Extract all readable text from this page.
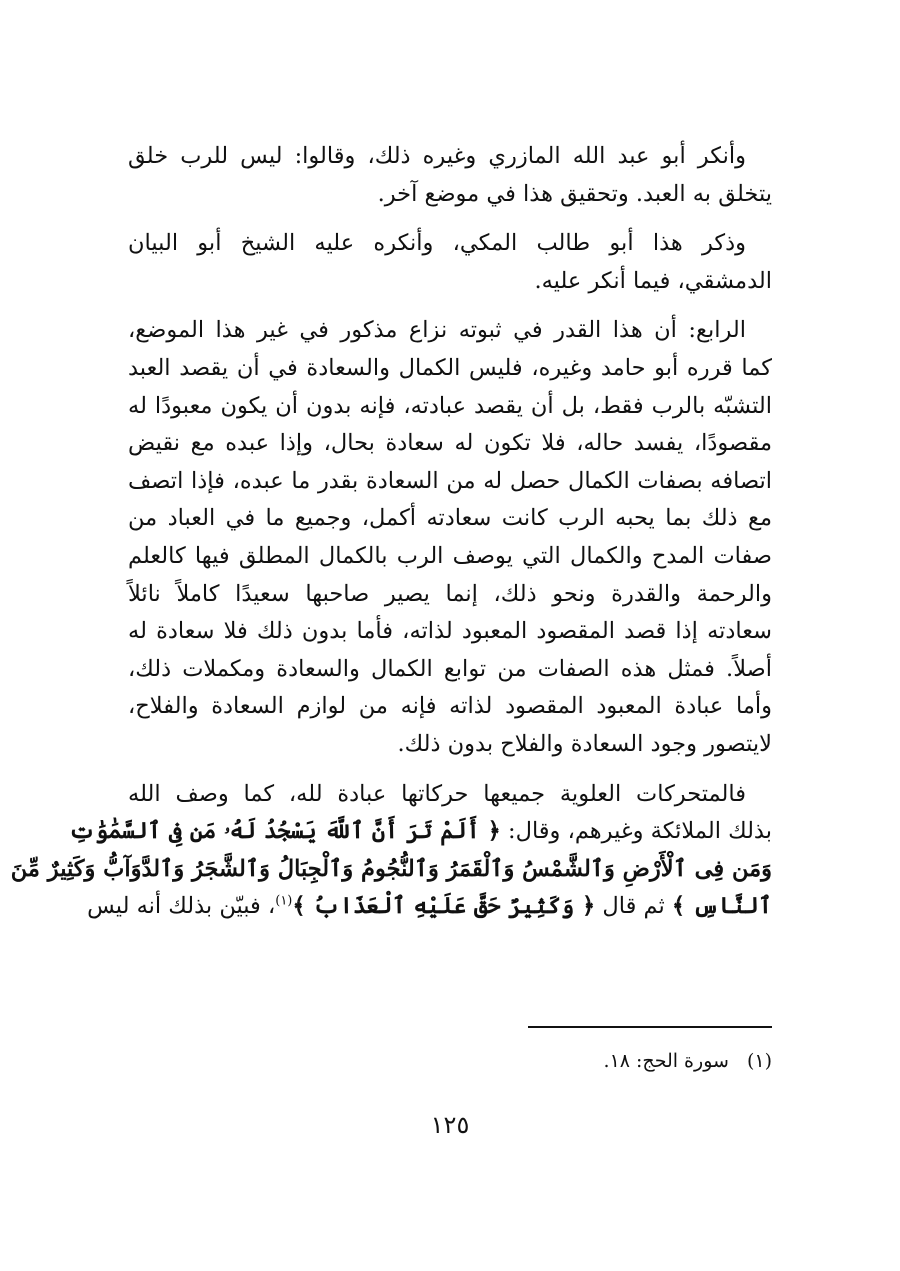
وأنكر أبو عبد الله المازري وغيره ذلك، وقالوا: ليس للرب خلق
يتخلق به العبد. وتحقيق هذا في موضع آخر.
وذكر هذا أبو طالب المكي، وأنكره عليه الشيخ أبو البيان
الدمشقي، فيما أنكر عليه.
الرابع: أن هذا القدر في ثبوته نزاع مذكور في غير هذا الموضع،
كما قرره أبو حامد وغيره، فليس الكمال والسعادة في أن يقصد العبد
التشبّه بالرب فقط، بل أن يقصد عبادته، فإنه بدون أن يكون معبودًا له
مقصودًا، يفسد حاله، فلا تكون له سعادة بحال، وإذا عبده مع نقيض
اتصافه بصفات الكمال حصل له من السعادة بقدر ما عبده، فإذا اتصف
مع ذلك بما يحبه الرب كانت سعادته أكمل، وجميع ما في العباد من
صفات المدح والكمال التي يوصف الرب بالكمال المطلق فيها كالعلم
والرحمة والقدرة ونحو ذلك، إنما يصير صاحبها سعيدًا كاملاً نائلاً
سعادته إذا قصد المقصود المعبود لذاته، فأما بدون ذلك فلا سعادة له
أصلاً. فمثل هذه الصفات من توابع الكمال والسعادة ومكملات ذلك،
وأما عبادة المعبود المقصود لذاته فإنه من لوازم السعادة والفلاح،
لايتصور وجود السعادة والفلاح بدون ذلك.
فالمتحركات العلوية جميعها حركاتها عبادة لله، كما وصف الله
بذلك الملائكة وغيرهم، وقال: ﴿ أَلَمْ تَرَ أَنَّ ٱللَّهَ يَسْجُدُ لَهُۥ مَن فِى ٱلسَّمَٰوَٰتِ
وَمَن فِى ٱلْأَرْضِ وَٱلشَّمْسُ وَٱلْقَمَرُ وَٱلنُّجُومُ وَٱلْجِبَالُ وَٱلشَّجَرُ وَٱلدَّوَآبُّ وَكَثِيرٌ مِّنَ
ٱلنَّاسِ ﴾ ثم قال ﴿ وَكَثِيرٌ حَقَّ عَلَيْهِ ٱلْعَذَابُ ﴾$^{(١)}$، فبيّن بذلك أنه ليس
(١)سورة الحج: ١٨.
١٢٥
